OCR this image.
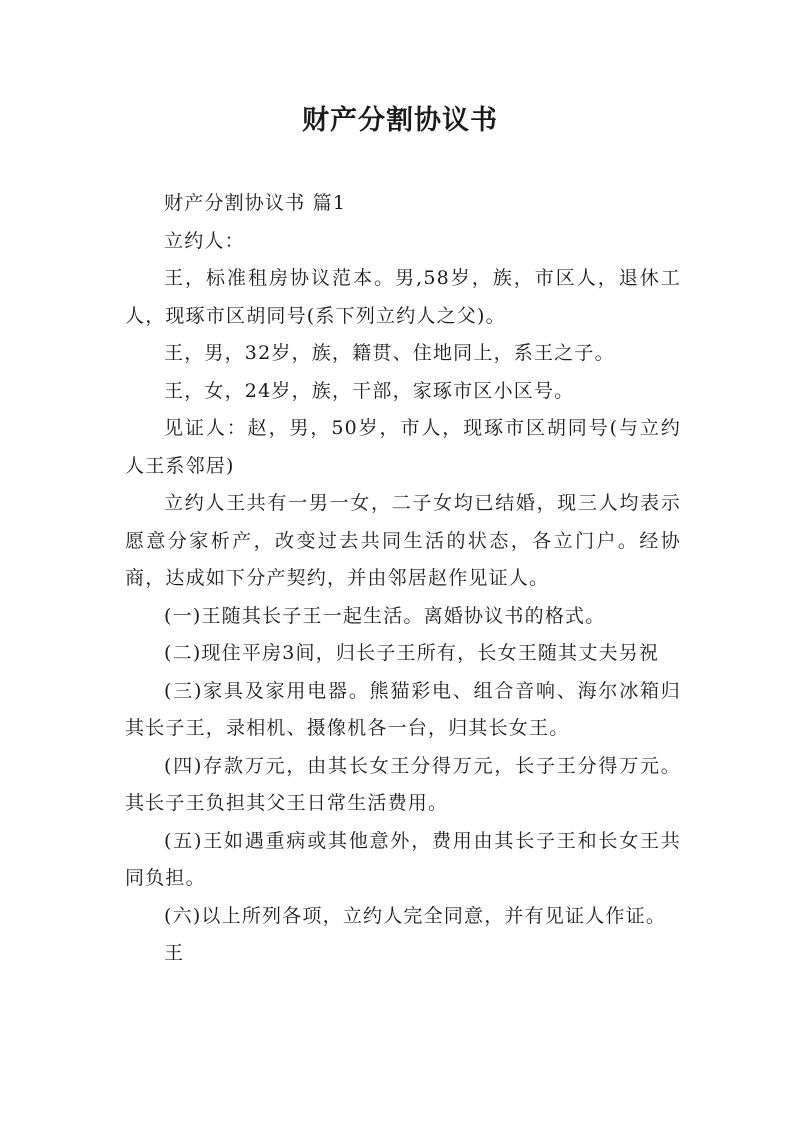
财产分割协议书

财产分割协议书 篇1

立约人：

王，标准租房协议范本。男,58岁，族，市区人，退休工人，现琢市区胡同号(系下列立约人之父)。

王，男，32岁，族，籍贯、住地同上，系王之子。

王，女，24岁，族，干部，家琢市区小区号。

见证人：赵，男，50岁，市人，现琢市区胡同号(与立约人王系邻居)

立约人王共有一男一女，二子女均已结婚，现三人均表示愿意分家析产，改变过去共同生活的状态，各立门户。经协商，达成如下分产契约，并由邻居赵作见证人。

(一)王随其长子王一起生活。离婚协议书的格式。

(二)现住平房3间，归长子王所有，长女王随其丈夫另祝

(三)家具及家用电器。熊猫彩电、组合音响、海尔冰箱归其长子王，录相机、摄像机各一台，归其长女王。

(四)存款万元，由其长女王分得万元，长子王分得万元。其长子王负担其父王日常生活费用。

(五)王如遇重病或其他意外，费用由其长子王和长女王共同负担。

(六)以上所列各项，立约人完全同意，并有见证人作证。

王
